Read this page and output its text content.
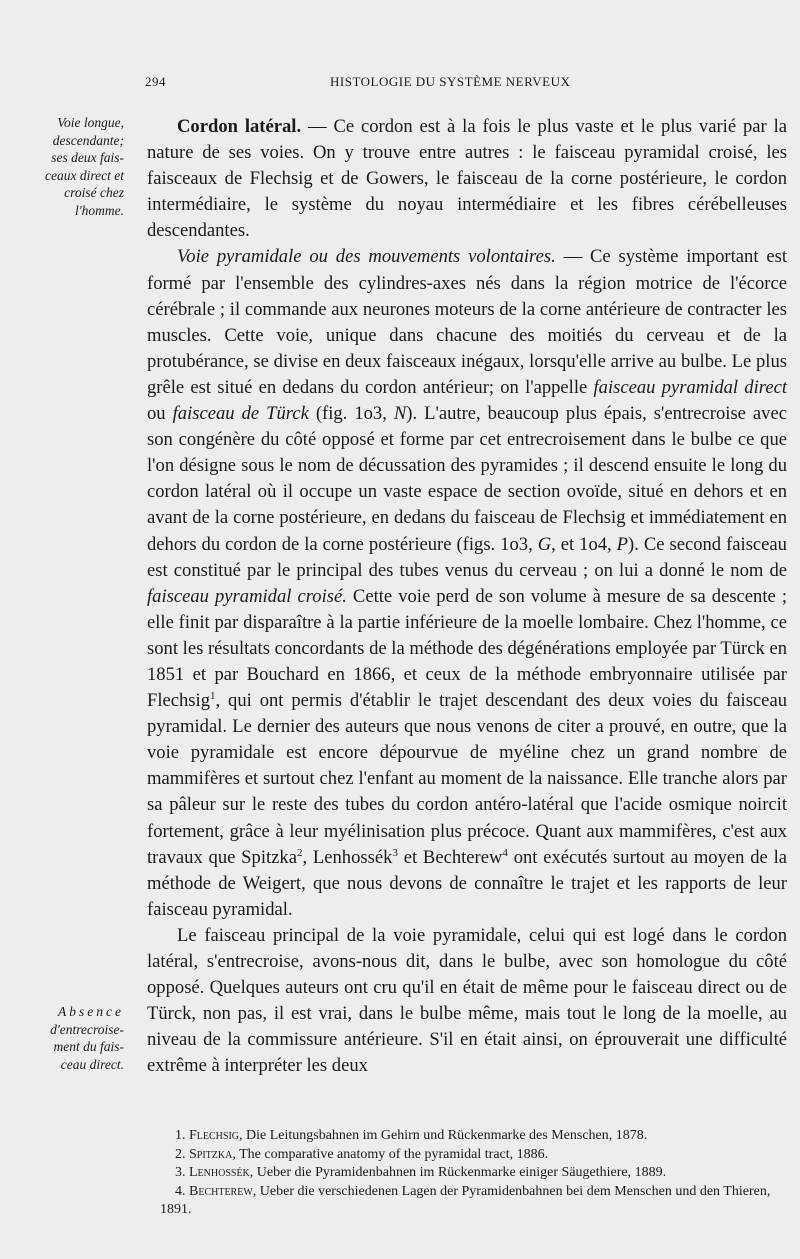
294	HISTOLOGIE DU SYSTÈME NERVEUX
Voie longue,
descendante;
ses deux fais-
ceaux direct et
croisé chez
l'homme.
Absence
d'entrecroise-
ment du fais-
ceau direct.

Cordon latéral. — Ce cordon est à la fois le plus vaste et le plus varié par la nature de ses voies. On y trouve entre autres : le faisceau pyramidal croisé, les faisceaux de Flechsig et de Gowers, le faisceau de la corne postérieure, le cordon intermédiaire, le système du noyau intermédiaire et les fibres cérébelleuses descendantes.

Voie pyramidale ou des mouvements volontaires. — Ce système important est formé par l'ensemble des cylindres-axes nés dans la région motrice de l'écorce cérébrale ; il commande aux neurones moteurs de la corne antérieure de contracter les muscles. Cette voie, unique dans chacune des moitiés du cerveau et de la protubérance, se divise en deux faisceaux inégaux, lorsqu'elle arrive au bulbe. Le plus grêle est situé en dedans du cordon antérieur; on l'appelle faisceau pyramidal direct ou faisceau de Türck (fig. 1o3, N). L'autre, beaucoup plus épais, s'entrecroise avec son congénère du côté opposé et forme par cet entrecroisement dans le bulbe ce que l'on désigne sous le nom de décussation des pyramides ; il descend ensuite le long du cordon latéral où il occupe un vaste espace de section ovoïde, situé en dehors et en avant de la corne postérieure, en dedans du faisceau de Flechsig et immédiatement en dehors du cordon de la corne postérieure (figs. 1o3, G, et 1o4, P). Ce second faisceau est constitué par le principal des tubes venus du cerveau ; on lui a donné le nom de faisceau pyramidal croisé. Cette voie perd de son volume à mesure de sa descente ; elle finit par disparaître à la partie inférieure de la moelle lombaire. Chez l'homme, ce sont les résultats concordants de la méthode des dégénérations employée par Türck en 1851 et par Bouchard en 1866, et ceux de la méthode embryonnaire utilisée par Flechsig$^1$, qui ont permis d'établir le trajet descendant des deux voies du faisceau pyramidal. Le dernier des auteurs que nous venons de citer a prouvé, en outre, que la voie pyramidale est encore dépourvue de myéline chez un grand nombre de mammifères et surtout chez l'enfant au moment de la naissance. Elle tranche alors par sa pâleur sur le reste des tubes du cordon antéro-latéral que l'acide osmique noircit fortement, grâce à leur myélinisation plus précoce. Quant aux mammifères, c'est aux travaux que Spitzka$^2$, Lenhossék$^3$ et Bechterew$^4$ ont exécutés surtout au moyen de la méthode de Weigert, que nous devons de connaître le trajet et les rapports de leur faisceau pyramidal.

Le faisceau principal de la voie pyramidale, celui qui est logé dans le cordon latéral, s'entrecroise, avons-nous dit, dans le bulbe, avec son homologue du côté opposé. Quelques auteurs ont cru qu'il en était de même pour le faisceau direct ou de Türck, non pas, il est vrai, dans le bulbe même, mais tout le long de la moelle, au niveau de la commissure antérieure. S'il en était ainsi, on éprouverait une difficulté extrême à interpréter les deux

1. Flechsig, Die Leitungsbahnen im Gehirn und Rückenmarke des Menschen, 1878.
2. Spitzka, The comparative anatomy of the pyramidal tract, 1886.
3. Lenhossék, Ueber die Pyramidenbahnen im Rückenmarke einiger Säugethiere, 1889.
4. Bechterew, Ueber die verschiedenen Lagen der Pyramidenbahnen bei dem Menschen und den Thieren, 1891.
